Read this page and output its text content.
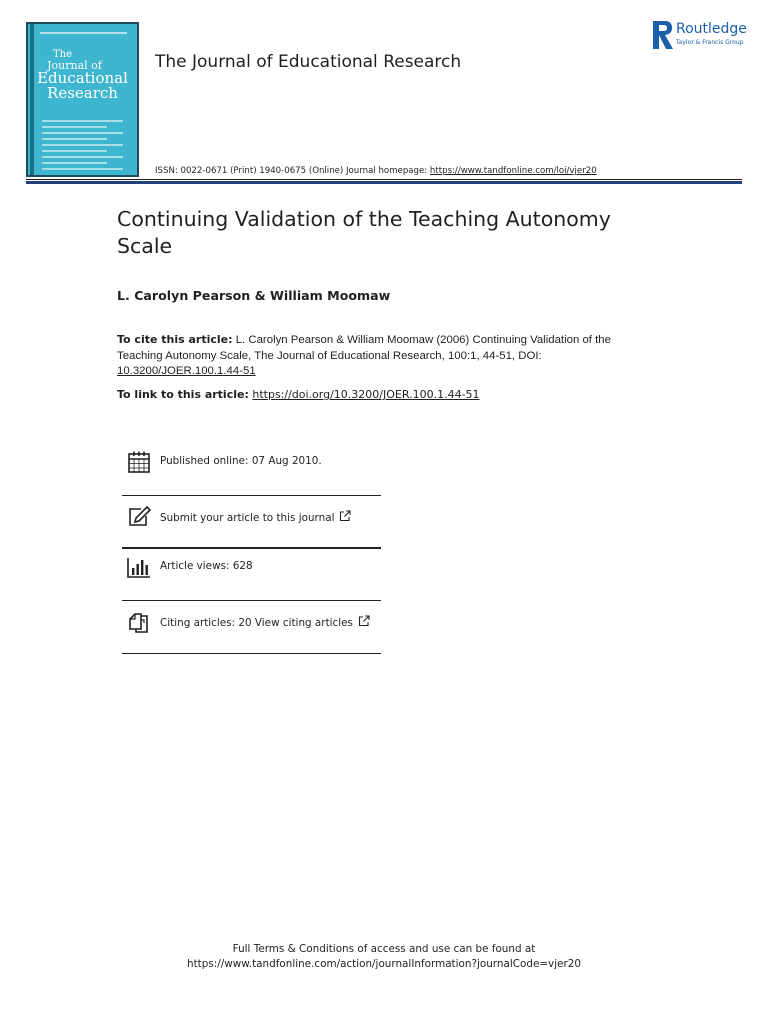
The
Journal of
Educational
Research
The Journal of Educational Research
Routledge
Taylor & Francis Group
ISSN: 0022-0671 (Print) 1940-0675 (Online) Journal homepage: https://www.tandfonline.com/loi/vjer20
Continuing Validation of the Teaching Autonomy Scale
L. Carolyn Pearson & William Moomaw
To cite this article: L. Carolyn Pearson & William Moomaw (2006) Continuing Validation of the Teaching Autonomy Scale, The Journal of Educational Research, 100:1, 44-51, DOI: 10.3200/JOER.100.1.44-51
To link to this article: https://doi.org/10.3200/JOER.100.1.44-51
Published online: 07 Aug 2010.
Submit your article to this journal
Article views: 628
Citing articles: 20 View citing articles
Full Terms & Conditions of access and use can be found at
https://www.tandfonline.com/action/journalInformation?journalCode=vjer20
